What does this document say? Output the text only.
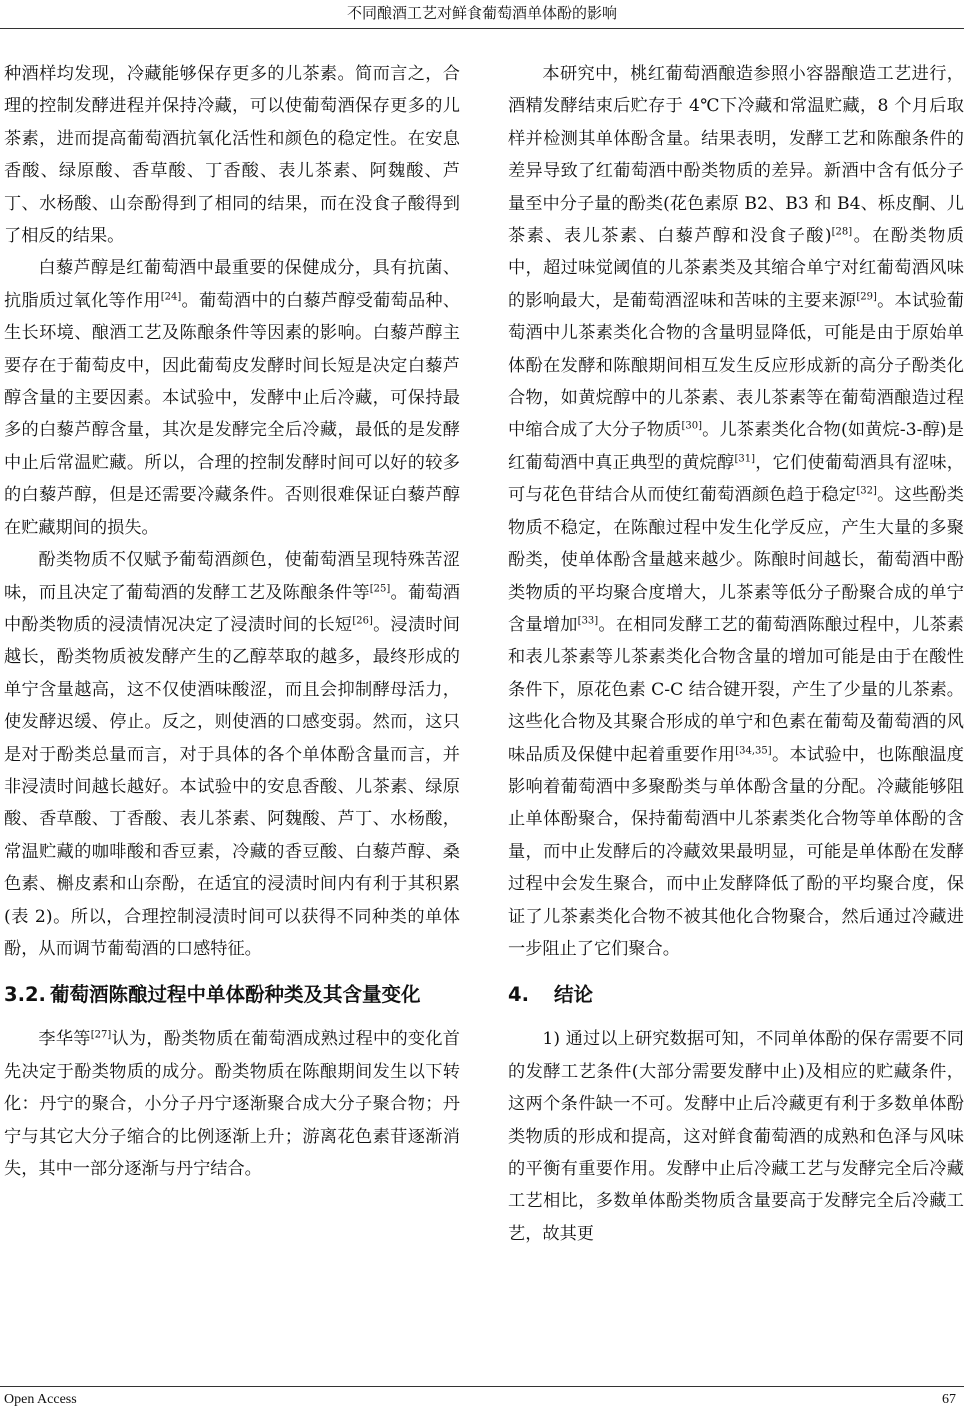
不同酿酒工艺对鲜食葡萄酒单体酚的影响

种酒样均发现，冷藏能够保存更多的儿茶素。简而言之，合理的控制发酵进程并保持冷藏，可以使葡萄酒保存更多的儿茶素，进而提高葡萄酒抗氧化活性和颜色的稳定性。在安息香酸、绿原酸、香草酸、丁香酸、表儿茶素、阿魏酸、芦丁、水杨酸、山奈酚得到了相同的结果，而在没食子酸得到了相反的结果。

白藜芦醇是红葡萄酒中最重要的保健成分，具有抗菌、抗脂质过氧化等作用[24]。葡萄酒中的白藜芦醇受葡萄品种、生长环境、酿酒工艺及陈酿条件等因素的影响。白藜芦醇主要存在于葡萄皮中，因此葡萄皮发酵时间长短是决定白藜芦醇含量的主要因素。本试验中，发酵中止后冷藏，可保持最多的白藜芦醇含量，其次是发酵完全后冷藏，最低的是发酵中止后常温贮藏。所以，合理的控制发酵时间可以好的较多的白藜芦醇，但是还需要冷藏条件。否则很难保证白藜芦醇在贮藏期间的损失。

酚类物质不仅赋予葡萄酒颜色，使葡萄酒呈现特殊苦涩味，而且决定了葡萄酒的发酵工艺及陈酿条件等[25]。葡萄酒中酚类物质的浸渍情况决定了浸渍时间的长短[26]。浸渍时间越长，酚类物质被发酵产生的乙醇萃取的越多，最终形成的单宁含量越高，这不仅使酒味酸涩，而且会抑制酵母活力，使发酵迟缓、停止。反之，则使酒的口感变弱。然而，这只是对于酚类总量而言，对于具体的各个单体酚含量而言，并非浸渍时间越长越好。本试验中的安息香酸、儿茶素、绿原酸、香草酸、丁香酸、表儿茶素、阿魏酸、芦丁、水杨酸，常温贮藏的咖啡酸和香豆素，冷藏的香豆酸、白藜芦醇、桑色素、槲皮素和山奈酚，在适宜的浸渍时间内有利于其积累(表 2)。所以，合理控制浸渍时间可以获得不同种类的单体酚，从而调节葡萄酒的口感特征。

3.2. 葡萄酒陈酿过程中单体酚种类及其含量变化

李华等[27]认为，酚类物质在葡萄酒成熟过程中的变化首先决定于酚类物质的成分。酚类物质在陈酿期间发生以下转化：丹宁的聚合，小分子丹宁逐渐聚合成大分子聚合物；丹宁与其它大分子缩合的比例逐渐上升；游离花色素苷逐渐消失，其中一部分逐渐与丹宁结合。

本研究中，桃红葡萄酒酿造参照小容器酿造工艺进行，酒精发酵结束后贮存于 4℃下冷藏和常温贮藏，8 个月后取样并检测其单体酚含量。结果表明，发酵工艺和陈酿条件的差异导致了红葡萄酒中酚类物质的差异。新酒中含有低分子量至中分子量的酚类(花色素原 B2、B3 和 B4、栎皮酮、儿茶素、表儿茶素、白藜芦醇和没食子酸)[28]。在酚类物质中，超过味觉阈值的儿茶素类及其缩合单宁对红葡萄酒风味的影响最大，是葡萄酒涩味和苦味的主要来源[29]。本试验葡萄酒中儿茶素类化合物的含量明显降低，可能是由于原始单体酚在发酵和陈酿期间相互发生反应形成新的高分子酚类化合物，如黄烷醇中的儿茶素、表儿茶素等在葡萄酒酿造过程中缩合成了大分子物质[30]。儿茶素类化合物(如黄烷-3-醇)是红葡萄酒中真正典型的黄烷醇[31]，它们使葡萄酒具有涩味，可与花色苷结合从而使红葡萄酒颜色趋于稳定[32]。这些酚类物质不稳定，在陈酿过程中发生化学反应，产生大量的多聚酚类，使单体酚含量越来越少。陈酿时间越长，葡萄酒中酚类物质的平均聚合度增大，儿茶素等低分子酚聚合成的单宁含量增加[33]。在相同发酵工艺的葡萄酒陈酿过程中，儿茶素和表儿茶素等儿茶素类化合物含量的增加可能是由于在酸性条件下，原花色素 C-C 结合键开裂，产生了少量的儿茶素。这些化合物及其聚合形成的单宁和色素在葡萄及葡萄酒的风味品质及保健中起着重要作用[34,35]。本试验中，也陈酿温度影响着葡萄酒中多聚酚类与单体酚含量的分配。冷藏能够阻止单体酚聚合，保持葡萄酒中儿茶素类化合物等单体酚的含量，而中止发酵后的冷藏效果最明显，可能是单体酚在发酵过程中会发生聚合，而中止发酵降低了酚的平均聚合度，保证了儿茶素类化合物不被其他化合物聚合，然后通过冷藏进一步阻止了它们聚合。

4.	结论

1) 通过以上研究数据可知，不同单体酚的保存需要不同的发酵工艺条件(大部分需要发酵中止)及相应的贮藏条件，这两个条件缺一不可。发酵中止后冷藏更有利于多数单体酚类物质的形成和提高，这对鲜食葡萄酒的成熟和色泽与风味的平衡有重要作用。发酵中止后冷藏工艺与发酵完全后冷藏工艺相比，多数单体酚类物质含量要高于发酵完全后冷藏工艺，故其更

Open Access	67
